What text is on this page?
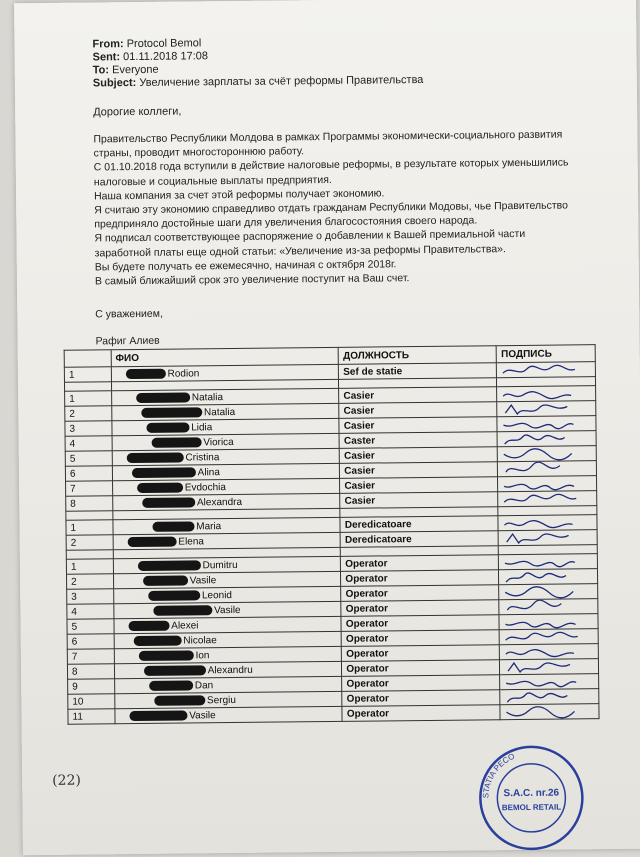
From: Protocol Bemol
Sent: 01.11.2018 17:08
To: Everyone
Subject: Увеличение зарплаты за счёт реформы Правительства
Дорогие коллеги,
Правительство Республики Молдова в рамках Программы экономически-социального развития
страны, проводит многостороннюю работу.
С 01.10.2018 года вступили в действие налоговые реформы, в результате которых уменьшились
налоговые и социальные выплаты предприятия.
Наша компания за счет этой реформы получает экономию.
Я считаю эту экономию справедливо отдать гражданам Республики Модовы, чье Правительство
предприняло достойные шаги для увеличения благосостояния своего народа.
Я подписал соответствующее распоряжение о добавлении к Вашей премиальной части
заработной платы еще одной статьи: «Увеличение из-за реформы Правительства».
Вы будете получать ее ежемесячно, начиная с октября 2018г.
В самый ближайший срок это увеличение поступит на Ваш счет.
С уважением,
Рафиг Алиев
	ФИО	ДОЛЖНОСТЬ	ПОДПИСЬ
1	Rodion	Sef de statie	

1	Natalia	Casier	

2	Natalia	Casier	

3	Lidia	Casier	

4	Viorica	Caster	

5	Cristina	Casier	

6	Alina	Casier	

7	Evdochia	Casier	

8	Alexandra	Casier	

1	Maria	Deredicatoare	

2	Elena	Deredicatoare	

1	Dumitru	Operator	

2	Vasile	Operator	

3	Leonid	Operator	

4	Vasile	Operator	

5	Alexei	Operator	

6	Nicolae	Operator	

7	Ion	Operator	

8	Alexandru	Operator	

9	Dan	Operator	

10	Sergiu	Operator	

11	Vasile	Operator	
(22)
STATIA PECO
S.A.C. nr.26
BEMOL RETAIL
